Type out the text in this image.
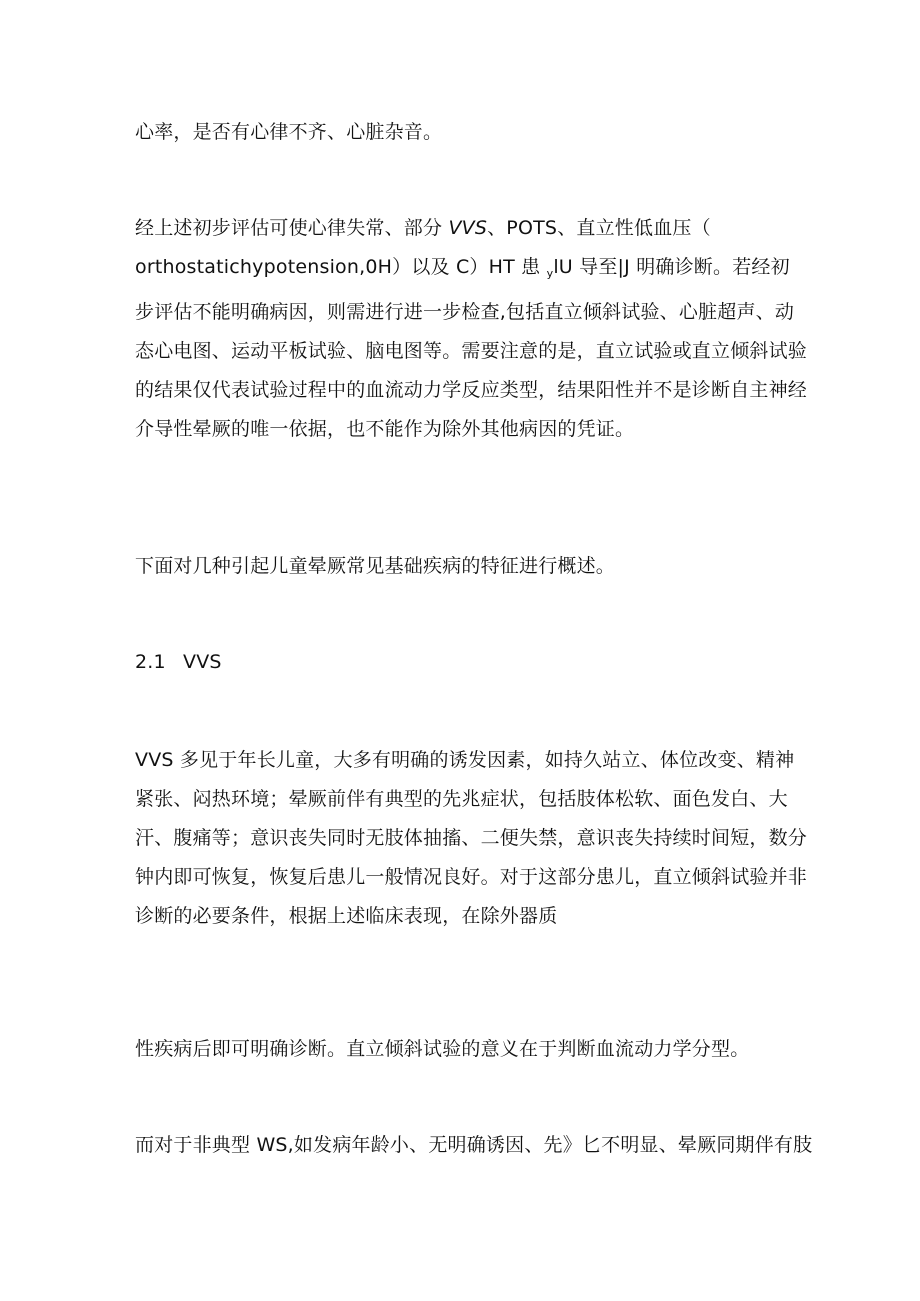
心率，是否有心律不齐、心脏杂音。

经上述初步评估可使心律失常、部分 VVS、POTS、直立性低血压（
orthostatichypotension,0H）以及 C）HT 患 $_y$lU 导至|J 明确诊断。若经初
步评估不能明确病因，则需进行进一步检查,包括直立倾斜试验、心脏超声、动
态心电图、运动平板试验、脑电图等。需要注意的是，直立试验或直立倾斜试验
的结果仅代表试验过程中的血流动力学反应类型，结果阳性并不是诊断自主神经
介导性晕厥的唯一依据，也不能作为除外其他病因的凭证。

下面对几种引起儿童晕厥常见基础疾病的特征进行概述。

2.1 VVS

VVS 多见于年长儿童，大多有明确的诱发因素，如持久站立、体位改变、精神
紧张、闷热环境；晕厥前伴有典型的先兆症状，包括肢体松软、面色发白、大
汗、腹痛等；意识丧失同时无肢体抽搐、二便失禁，意识丧失持续时间短，数分
钟内即可恢复，恢复后患儿一般情况良好。对于这部分患儿，直立倾斜试验并非
诊断的必要条件，根据上述临床表现，在除外器质

性疾病后即可明确诊断。直立倾斜试验的意义在于判断血流动力学分型。

而对于非典型 WS,如发病年龄小、无明确诱因、先》匕不明显、晕厥同期伴有肢
